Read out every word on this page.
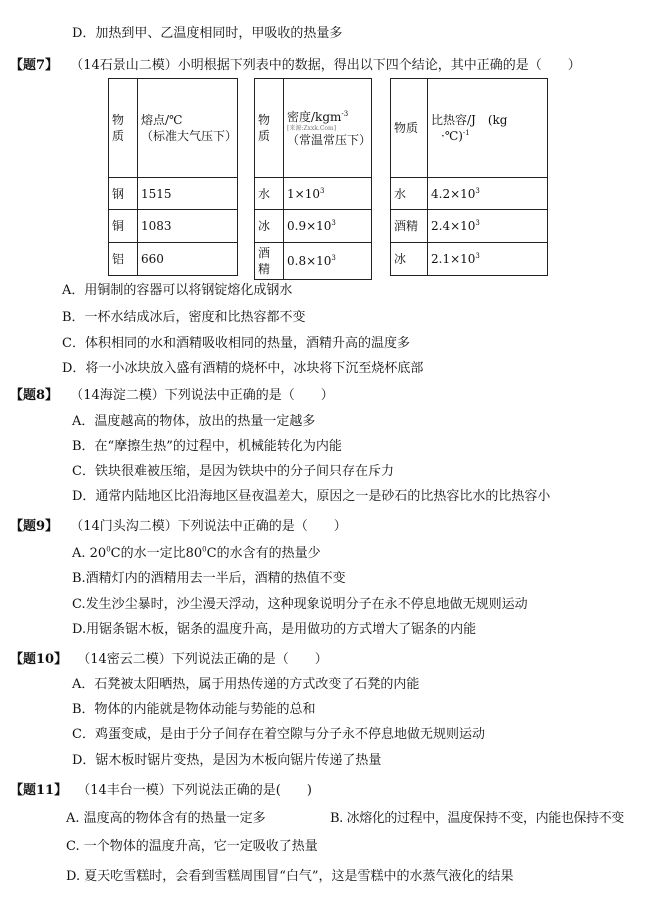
D．加热到甲、乙温度相同时，甲吸收的热量多
【题7】 （14石景山二模）小明根据下列表中的数据，得出以下四个结论，其中正确的是（　　）
物质	熔点/℃
（标准大气压下）
钢	1515
铜	1083
铝	660
物质	密度/kgm$^{-3}$
[来源:Zxxk.Com]
（常温常压下）
水	$1\times 10^3$
冰	$0.9\times 10^3$
酒精	$0.8\times 10^3$
物质	比热容/J　(kg
·℃)$^{-1}$
水	$4.2\times 10^3$
酒精	$2.4\times 10^3$
冰	$2.1\times 10^3$
A．用铜制的容器可以将钢锭熔化成钢水
B．一杯水结成冰后，密度和比热容都不变
C．体积相同的水和酒精吸收相同的热量，酒精升高的温度多
D．将一小冰块放入盛有酒精的烧杯中，冰块将下沉至烧杯底部
【题8】 （14海淀二模）下列说法中正确的是（　　）
A．温度越高的物体，放出的热量一定越多
B．在“摩擦生热”的过程中，机械能转化为内能
C．铁块很难被压缩，是因为铁块中的分子间只存在斥力
D．通常内陆地区比沿海地区昼夜温差大，原因之一是砂石的比热容比水的比热容小
【题9】 （14门头沟二模）下列说法中正确的是（　　）
A. $20^0C$的水一定比$80^0C$的水含有的热量少
B.酒精灯内的酒精用去一半后，酒精的热值不变
C.发生沙尘暴时，沙尘漫天浮动，这种现象说明分子在永不停息地做无规则运动
D.用锯条锯木板，锯条的温度升高，是用做功的方式增大了锯条的内能
【题10】 （14密云二模）下列说法正确的是（　　）
A．石凳被太阳晒热，属于用热传递的方式改变了石凳的内能
B．物体的内能就是物体动能与势能的总和
C．鸡蛋变咸，是由于分子间存在着空隙与分子永不停息地做无规则运动
D．锯木板时锯片变热，是因为木板向锯片传递了热量
【题11】 （14丰台一模）下列说法正确的是(　　)
A. 温度高的物体含有的热量一定多	B. 冰熔化的过程中，温度保持不变，内能也保持不变
C. 一个物体的温度升高，它一定吸收了热量
D. 夏天吃雪糕时，会看到雪糕周围冒“白气”，这是雪糕中的水蒸气液化的结果
